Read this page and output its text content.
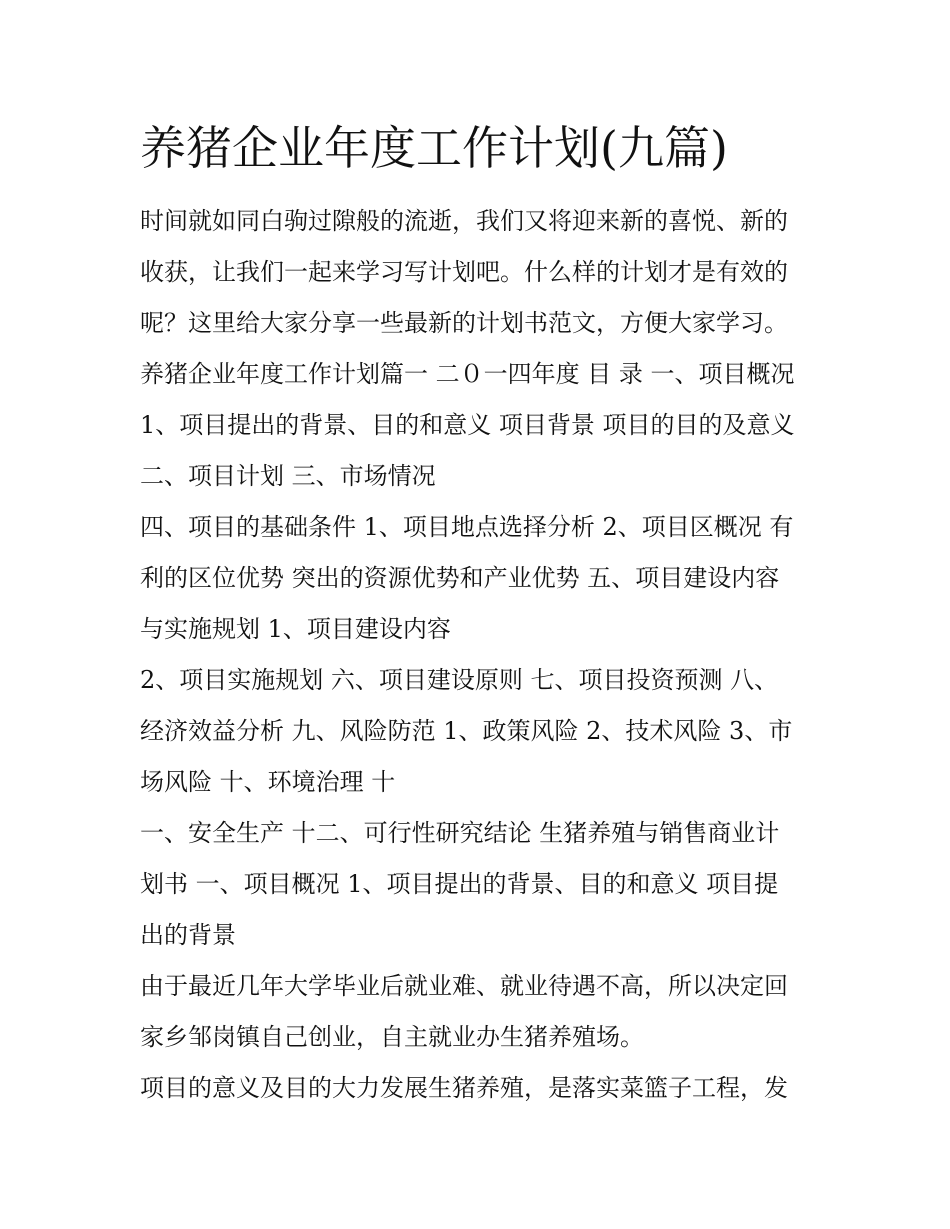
养猪企业年度工作计划(九篇)

时间就如同白驹过隙般的流逝，我们又将迎来新的喜悦、新的

收获，让我们一起来学习写计划吧。什么样的计划才是有效的

呢？这里给大家分享一些最新的计划书范文，方便大家学习。

养猪企业年度工作计划篇一 二０一四年度 目 录 一、项目概况

1、项目提出的背景、目的和意义 项目背景 项目的目的及意义

二、项目计划 三、市场情况

四、项目的基础条件 1、项目地点选择分析 2、项目区概况 有

利的区位优势 突出的资源优势和产业优势 五、项目建设内容

与实施规划 1、项目建设内容

2、项目实施规划 六、项目建设原则 七、项目投资预测 八、

经济效益分析 九、风险防范 1、政策风险 2、技术风险 3、市

场风险 十、环境治理 十

一、安全生产 十二、可行性研究结论 生猪养殖与销售商业计

划书 一、项目概况 1、项目提出的背景、目的和意义 项目提

出的背景

由于最近几年大学毕业后就业难、就业待遇不高，所以决定回

家乡邹岗镇自己创业，自主就业办生猪养殖场。

项目的意义及目的大力发展生猪养殖，是落实菜篮子工程，发
